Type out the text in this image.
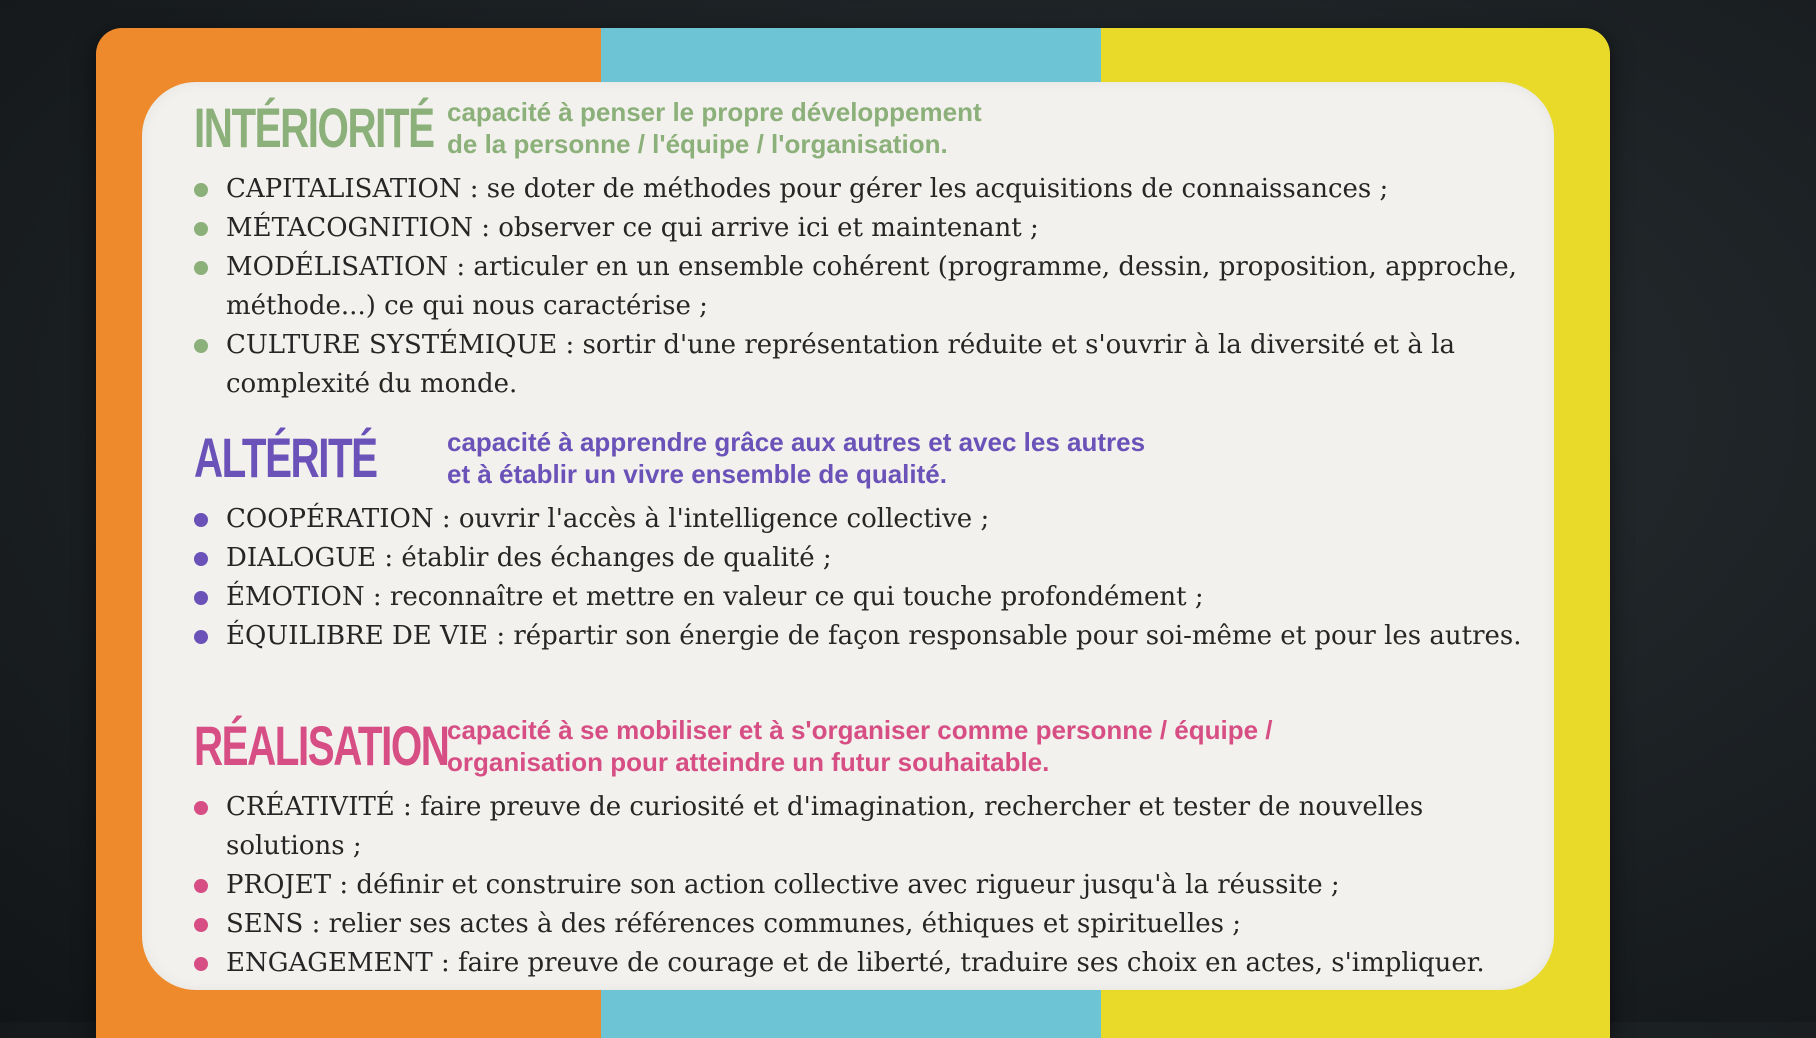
INTÉRIORITÉ capacité à penser le propre développement
de la personne / l'équipe / l'organisation.
CAPITALISATION : se doter de méthodes pour gérer les acquisitions de connaissances ;
MÉTACOGNITION : observer ce qui arrive ici et maintenant ;
MODÉLISATION : articuler en un ensemble cohérent (programme, dessin, proposition, approche, méthode...) ce qui nous caractérise ;
CULTURE SYSTÉMIQUE : sortir d'une représentation réduite et s'ouvrir à la diversité et à la complexité du monde.
ALTÉRITÉ	capacité à apprendre grâce aux autres et avec les autres
et à établir un vivre ensemble de qualité.
COOPÉRATION : ouvrir l'accès à l'intelligence collective ;
DIALOGUE : établir des échanges de qualité ;
ÉMOTION : reconnaître et mettre en valeur ce qui touche profondément ;
ÉQUILIBRE DE VIE : répartir son énergie de façon responsable pour soi-même et pour les autres.
RÉALISATION
capacité à se mobiliser et à s'organiser comme personne / équipe /
organisation pour atteindre un futur souhaitable.
CRÉATIVITÉ : faire preuve de curiosité et d'imagination, rechercher et tester de nouvelles solutions ;
PROJET : définir et construire son action collective avec rigueur jusqu'à la réussite ;
SENS : relier ses actes à des références communes, éthiques et spirituelles ;
ENGAGEMENT : faire preuve de courage et de liberté, traduire ses choix en actes, s'impliquer.
